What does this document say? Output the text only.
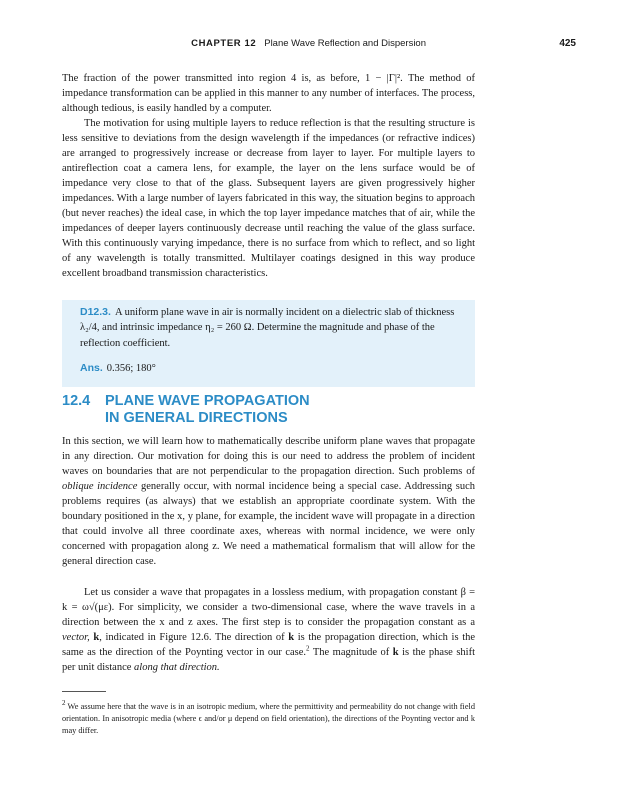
CHAPTER 12 Plane Wave Reflection and Dispersion	425

The fraction of the power transmitted into region 4 is, as before, 1 − |Γ|². The method of impedance transformation can be applied in this manner to any number of interfaces. The process, although tedious, is easily handled by a computer.

The motivation for using multiple layers to reduce reflection is that the resulting structure is less sensitive to deviations from the design wavelength if the impedances (or refractive indices) are arranged to progressively increase or decrease from layer to layer. For multiple layers to antireflection coat a camera lens, for example, the layer on the lens surface would be of impedance very close to that of the glass. Subsequent layers are given progressively higher impedances. With a large number of layers fabricated in this way, the situation begins to approach (but never reaches) the ideal case, in which the top layer impedance matches that of air, while the impedances of deeper layers continuously decrease until reaching the value of the glass surface. With this continuously varying impedance, there is no surface from which to reflect, and so light of any wavelength is totally transmitted. Multilayer coatings designed in this way produce excellent broadband transmission characteristics.

D12.3. A uniform plane wave in air is normally incident on a dielectric slab of thickness λ₂/4, and intrinsic impedance η₂ = 260 Ω. Determine the magnitude and phase of the reflection coefficient.

Ans. 0.356; 180°

12.4 PLANE WAVE PROPAGATION
IN GENERAL DIRECTIONS

In this section, we will learn how to mathematically describe uniform plane waves that propagate in any direction. Our motivation for doing this is our need to address the problem of incident waves on boundaries that are not perpendicular to the propagation direction. Such problems of oblique incidence generally occur, with normal incidence being a special case. Addressing such problems requires (as always) that we establish an appropriate coordinate system. With the boundary positioned in the x, y plane, for example, the incident wave will propagate in a direction that could involve all three coordinate axes, whereas with normal incidence, we were only concerned with propagation along z. We need a mathematical formalism that will allow for the general direction case.

Let us consider a wave that propagates in a lossless medium, with propagation constant β = k = ω√(με). For simplicity, we consider a two-dimensional case, where the wave travels in a direction between the x and z axes. The first step is to consider the propagation constant as a vector, k, indicated in Figure 12.6. The direction of k is the propagation direction, which is the same as the direction of the Poynting vector in our case.$^2$ The magnitude of k is the phase shift per unit distance along that direction.

$^2$ We assume here that the wave is in an isotropic medium, where the permittivity and permeability do not change with field orientation. In anisotropic media (where ϵ and/or μ depend on field orientation), the directions of the Poynting vector and k may differ.
